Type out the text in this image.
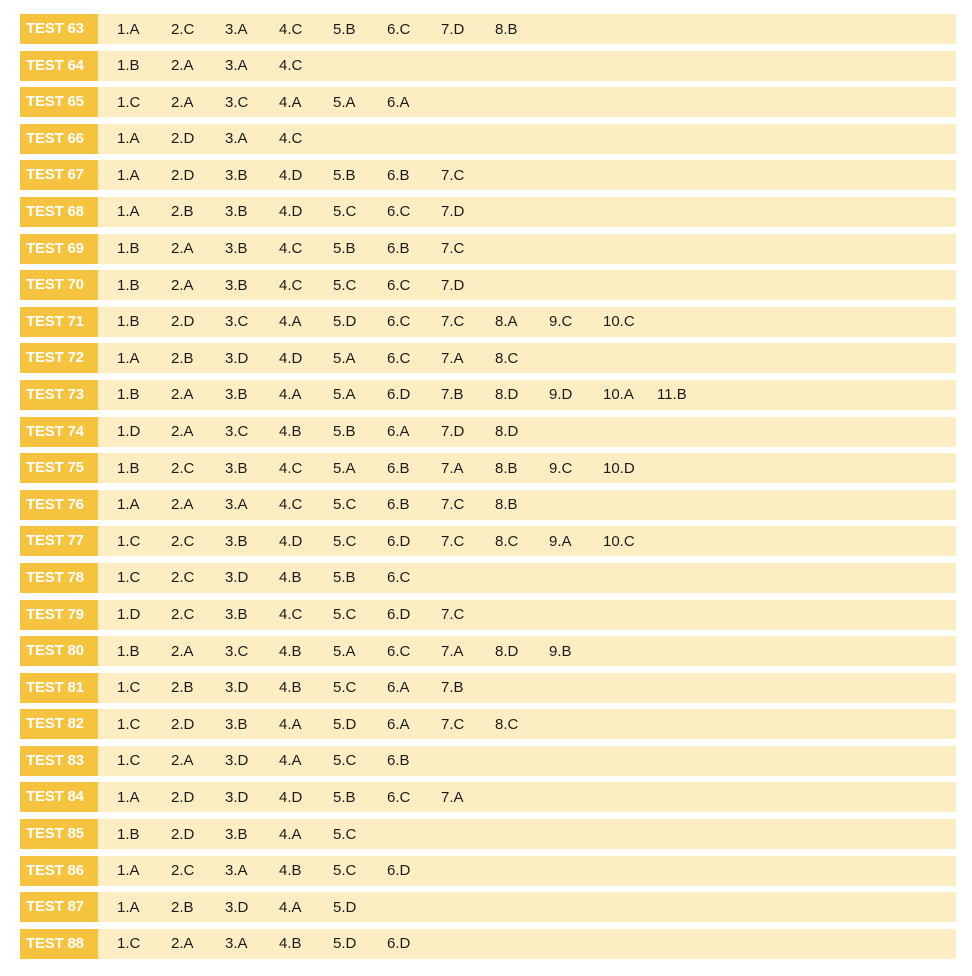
TEST 63	1.A	2.C	3.A	4.C	5.B	6.C	7.D	8.B
TEST 64	1.B	2.A	3.A	4.C
TEST 65	1.C	2.A	3.C	4.A	5.A	6.A
TEST 66	1.A	2.D	3.A	4.C
TEST 67	1.A	2.D	3.B	4.D	5.B	6.B	7.C
TEST 68	1.A	2.B	3.B	4.D	5.C	6.C	7.D
TEST 69	1.B	2.A	3.B	4.C	5.B	6.B	7.C
TEST 70	1.B	2.A	3.B	4.C	5.C	6.C	7.D
TEST 71	1.B	2.D	3.C	4.A	5.D	6.C	7.C	8.A	9.C	10.C
TEST 72	1.A	2.B	3.D	4.D	5.A	6.C	7.A	8.C
TEST 73	1.B	2.A	3.B	4.A	5.A	6.D	7.B	8.D	9.D	10.A	11.B
TEST 74	1.D	2.A	3.C	4.B	5.B	6.A	7.D	8.D
TEST 75	1.B	2.C	3.B	4.C	5.A	6.B	7.A	8.B	9.C	10.D
TEST 76	1.A	2.A	3.A	4.C	5.C	6.B	7.C	8.B
TEST 77	1.C	2.C	3.B	4.D	5.C	6.D	7.C	8.C	9.A	10.C
TEST 78	1.C	2.C	3.D	4.B	5.B	6.C
TEST 79	1.D	2.C	3.B	4.C	5.C	6.D	7.C
TEST 80	1.B	2.A	3.C	4.B	5.A	6.C	7.A	8.D	9.B
TEST 81	1.C	2.B	3.D	4.B	5.C	6.A	7.B
TEST 82	1.C	2.D	3.B	4.A	5.D	6.A	7.C	8.C
TEST 83	1.C	2.A	3.D	4.A	5.C	6.B
TEST 84	1.A	2.D	3.D	4.D	5.B	6.C	7.A
TEST 85	1.B	2.D	3.B	4.A	5.C
TEST 86	1.A	2.C	3.A	4.B	5.C	6.D
TEST 87	1.A	2.B	3.D	4.A	5.D
TEST 88	1.C	2.A	3.A	4.B	5.D	6.D
